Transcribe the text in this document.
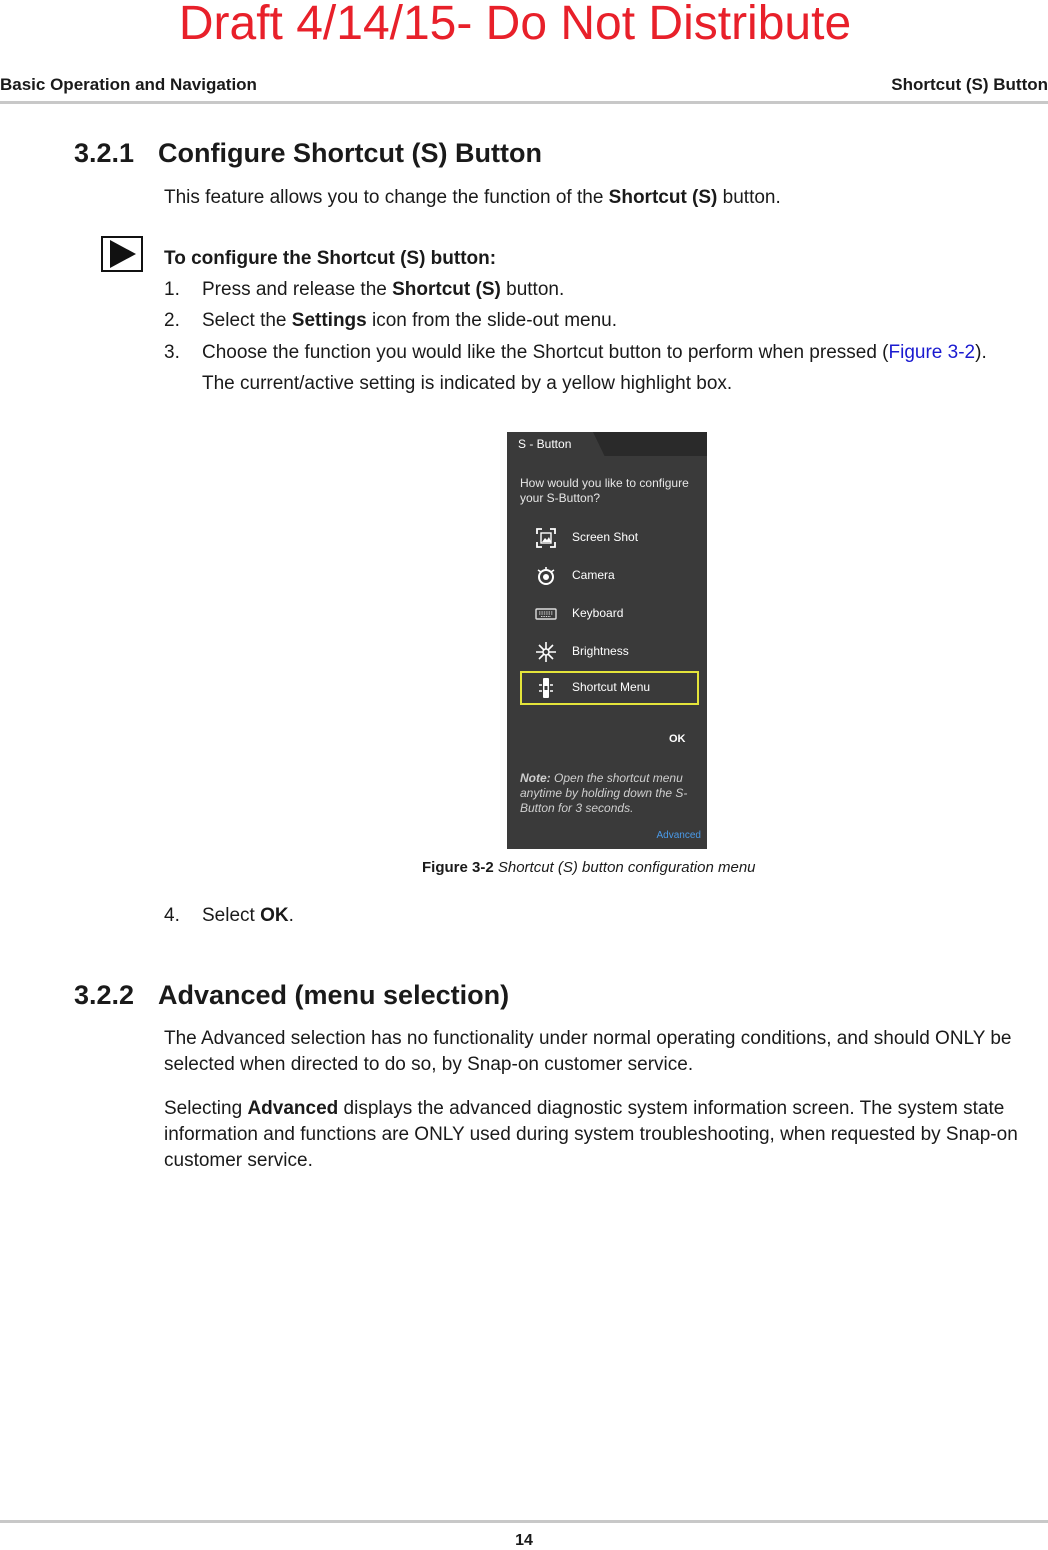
Draft 4/14/15- Do Not Distribute
Basic Operation and Navigation	Shortcut (S) Button
3.2.1 Configure Shortcut (S) Button
This feature allows you to change the function of the Shortcut (S) button.
To configure the Shortcut (S) button:
1. Press and release the Shortcut (S) button.
2. Select the Settings icon from the slide-out menu.
3. Choose the function you would like the Shortcut button to perform when pressed (Figure 3-2).
The current/active setting is indicated by a yellow highlight box.
S - Button
How would you like to configure your S-Button?
Screen Shot
Camera
Keyboard
Brightness
Shortcut Menu
OK
Note: Open the shortcut menu anytime by holding down the S-Button for 3 seconds.
Advanced
Figure 3-2 Shortcut (S) button configuration menu
4. Select OK.
3.2.2 Advanced (menu selection)
The Advanced selection has no functionality under normal operating conditions, and should ONLY be selected when directed to do so, by Snap-on customer service.
Selecting Advanced displays the advanced diagnostic system information screen. The system state information and functions are ONLY used during system troubleshooting, when requested by Snap-on customer service.
14
